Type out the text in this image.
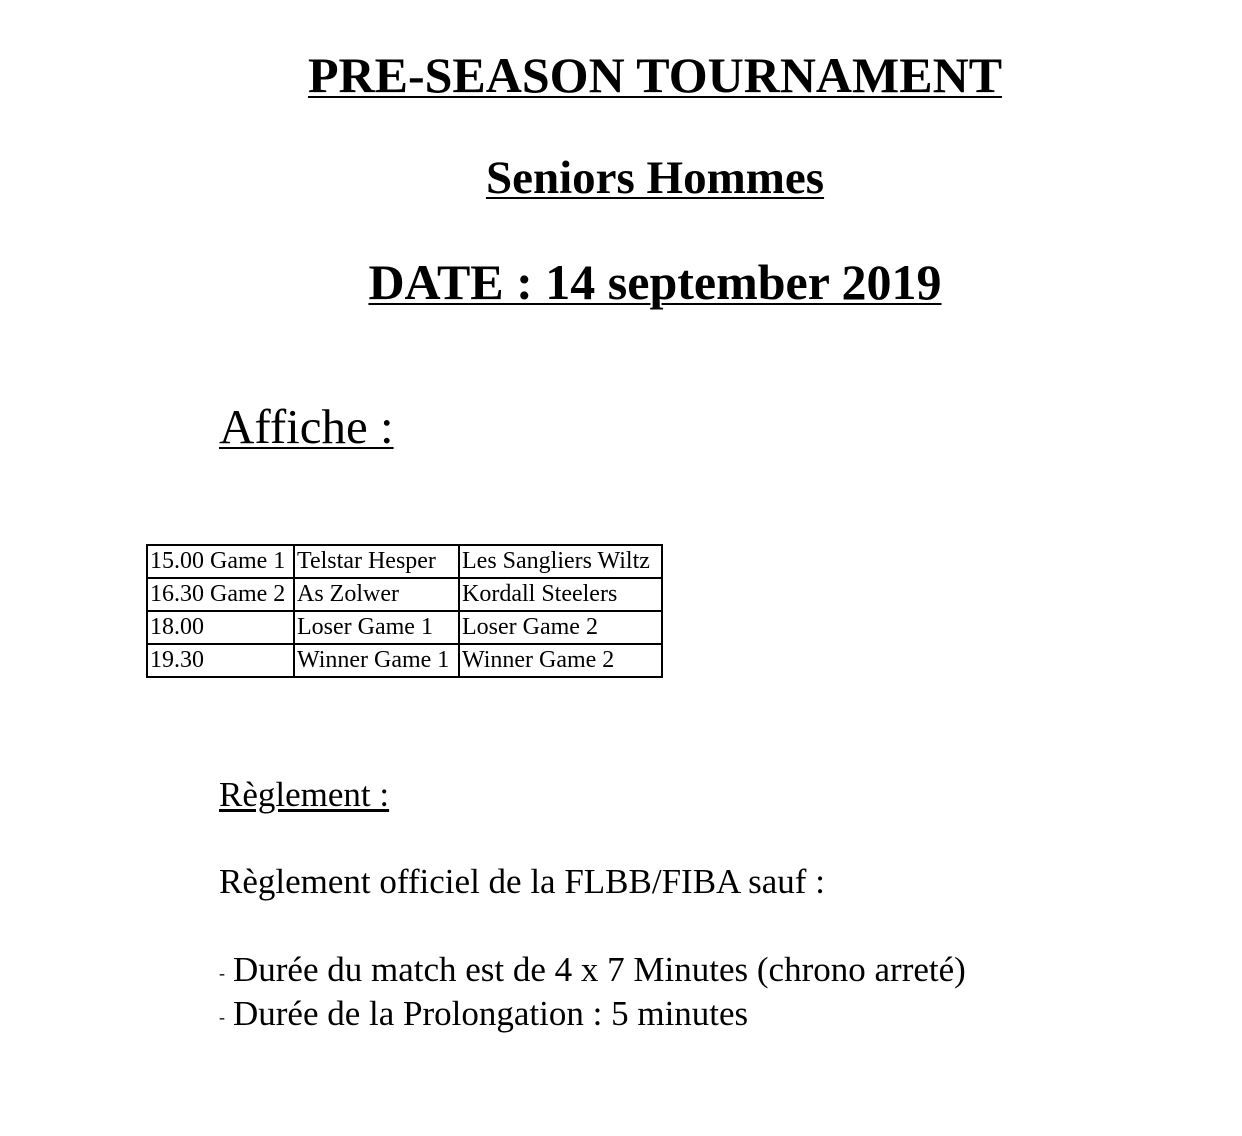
PRE-SEASON TOURNAMENT
Seniors Hommes
DATE : 14 september 2019
Affiche :
15.00 Game 1	Telstar Hesper	Les Sangliers Wiltz
16.30 Game 2	As Zolwer	Kordall Steelers
18.00	Loser Game 1	Loser Game 2
19.30	Winner Game 1	Winner Game 2
Règlement :
Règlement officiel de la FLBB/FIBA sauf :
- Durée du match est de 4 x 7 Minutes (chrono arreté)
- Durée de la Prolongation : 5 minutes
